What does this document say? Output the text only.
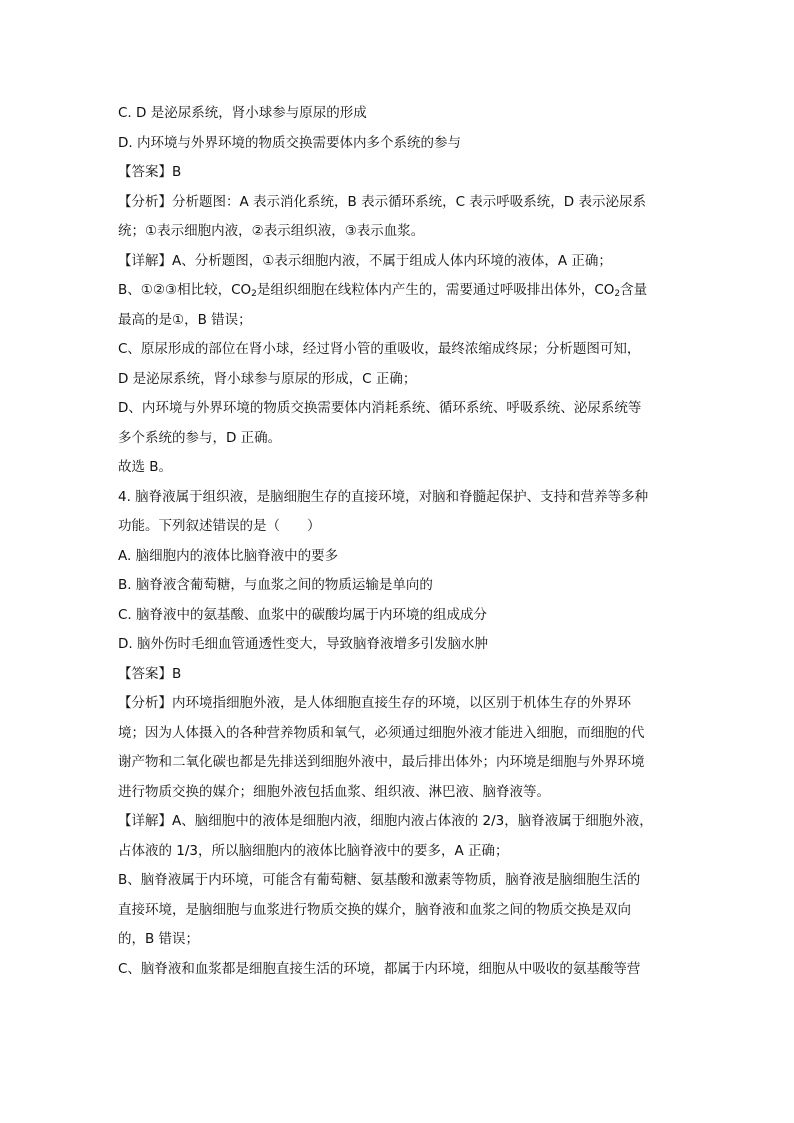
C. D 是泌尿系统，肾小球参与原尿的形成
D. 内环境与外界环境的物质交换需要体内多个系统的参与
【答案】B
【分析】分析题图：A 表示消化系统，B 表示循环系统，C 表示呼吸系统，D 表示泌尿系
统；①表示细胞内液，②表示组织液，③表示血浆。
【详解】A、分析题图，①表示细胞内液，不属于组成人体内环境的液体，A 正确；
B、①②③相比较，$CO_2$是组织细胞在线粒体内产生的，需要通过呼吸排出体外，$CO_2$含量
最高的是①，B 错误；
C、原尿形成的部位在肾小球，经过肾小管的重吸收，最终浓缩成终尿；分析题图可知，
D 是泌尿系统，肾小球参与原尿的形成，C 正确；
D、内环境与外界环境的物质交换需要体内消耗系统、循环系统、呼吸系统、泌尿系统等
多个系统的参与，D 正确。
故选 B。
4. 脑脊液属于组织液，是脑细胞生存的直接环境，对脑和脊髓起保护、支持和营养等多种
功能。下列叙述错误的是（　　）
A. 脑细胞内的液体比脑脊液中的要多
B. 脑脊液含葡萄糖，与血浆之间的物质运输是单向的
C. 脑脊液中的氨基酸、血浆中的碳酸均属于内环境的组成成分
D. 脑外伤时毛细血管通透性变大，导致脑脊液增多引发脑水肿
【答案】B
【分析】内环境指细胞外液，是人体细胞直接生存的环境，以区别于机体生存的外界环
境；因为人体摄入的各种营养物质和氧气，必须通过细胞外液才能进入细胞，而细胞的代
谢产物和二氧化碳也都是先排送到细胞外液中，最后排出体外；内环境是细胞与外界环境
进行物质交换的媒介；细胞外液包括血浆、组织液、淋巴液、脑脊液等。
【详解】A、脑细胞中的液体是细胞内液，细胞内液占体液的 2/3，脑脊液属于细胞外液，
占体液的 1/3，所以脑细胞内的液体比脑脊液中的要多，A 正确；
B、脑脊液属于内环境，可能含有葡萄糖、氨基酸和激素等物质，脑脊液是脑细胞生活的
直接环境，是脑细胞与血浆进行物质交换的媒介，脑脊液和血浆之间的物质交换是双向
的，B 错误；
C、脑脊液和血浆都是细胞直接生活的环境，都属于内环境，细胞从中吸收的氨基酸等营
